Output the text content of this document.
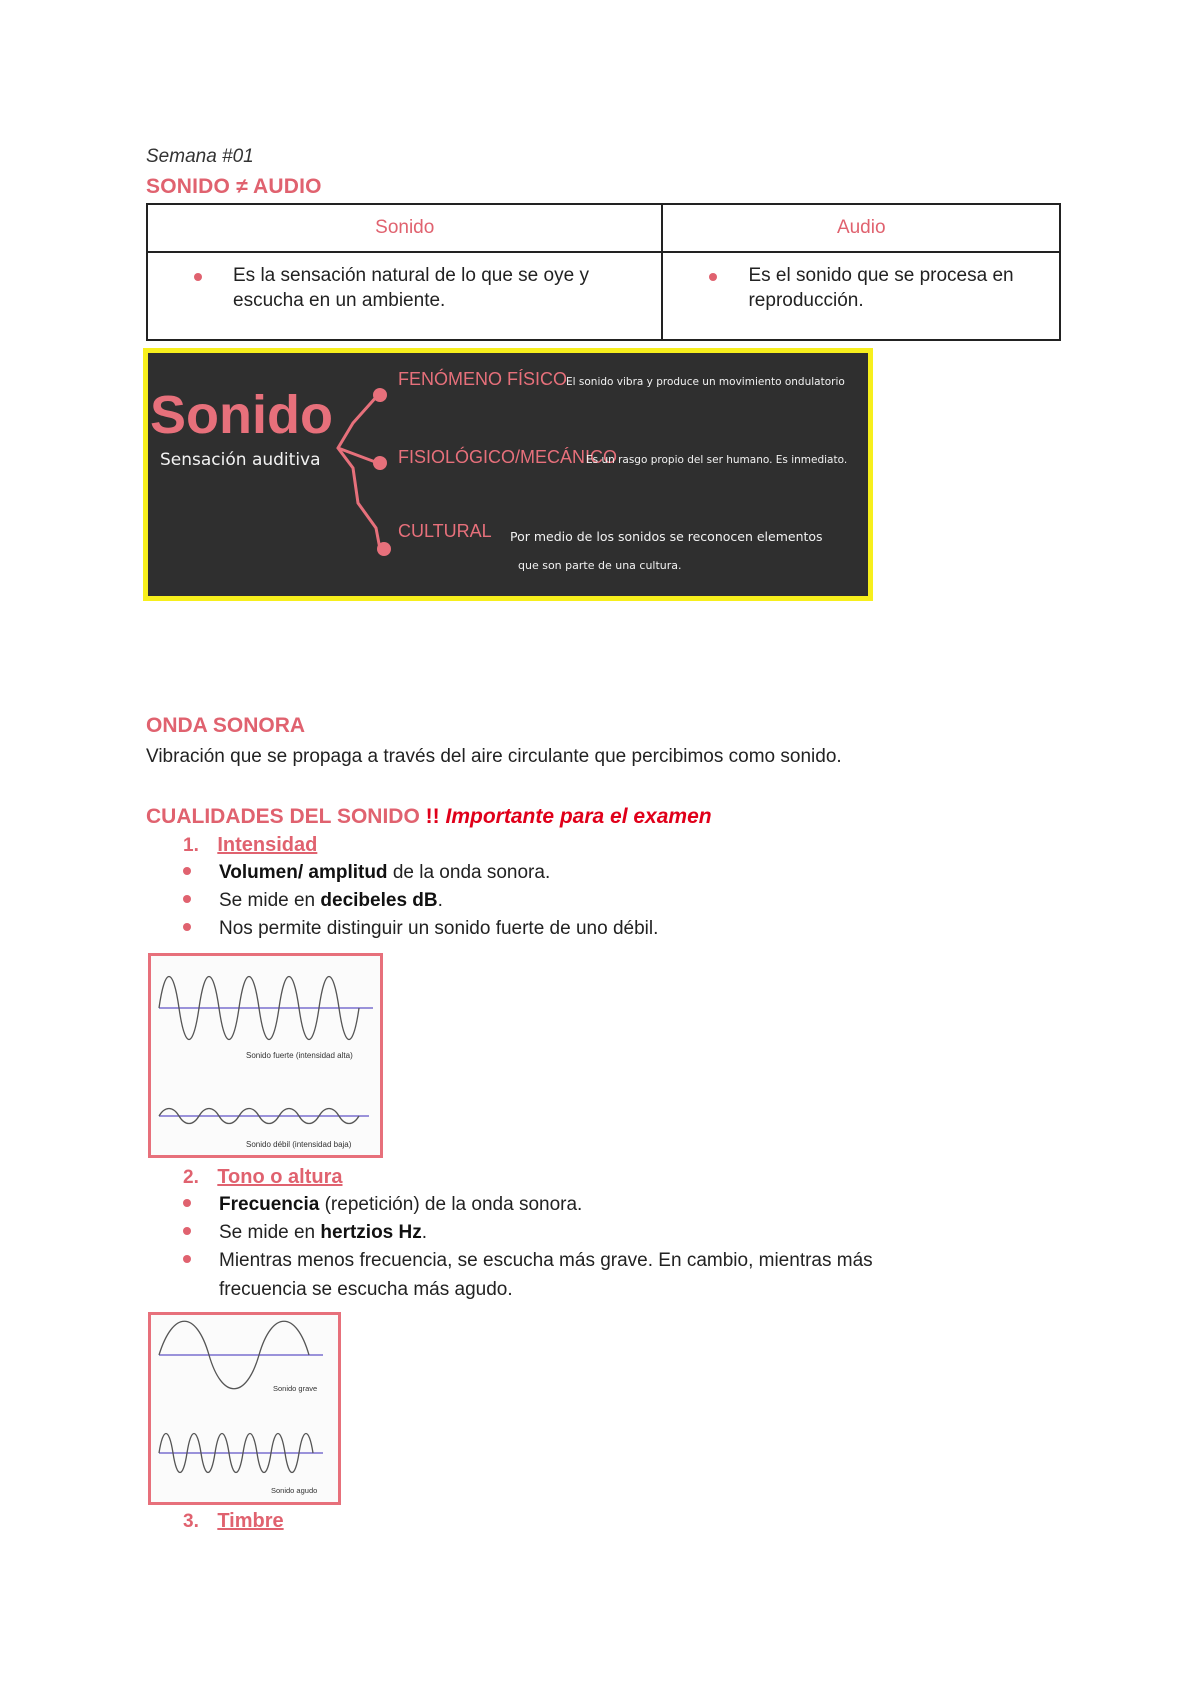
Semana #01
SONIDO ≠ AUDIO
Sonido	Audio

Es la sensación natural de lo que se oye y escucha en un ambiente.	Es el sonido que se procesa en reproducción.
Sonido
Sensación auditiva
FENÓMENO FÍSICO
El sonido vibra y produce un movimiento ondulatorio
FISIOLÓGICO/MECÁNICO
Es un rasgo propio del ser humano. Es inmediato.
CULTURAL Por medio de los sonidos se reconocen elementos
que son parte de una cultura.
ONDA SONORA
Vibración que se propaga a través del aire circulante que percibimos como sonido.
CUALIDADES DEL SONIDO !! Importante para el examen
1. Intensidad
Volumen/ amplitud de la onda sonora.
Se mide en decibeles dB.
Nos permite distinguir un sonido fuerte de uno débil.
Sonido fuerte (intensidad alta)
Sonido débil (intensidad baja)
2. Tono o altura
Frecuencia (repetición) de la onda sonora.
Se mide en hertzios Hz.
Mientras menos frecuencia, se escucha más grave. En cambio, mientras más
frecuencia se escucha más agudo.
Sonido grave
Sonido agudo
3. Timbre
